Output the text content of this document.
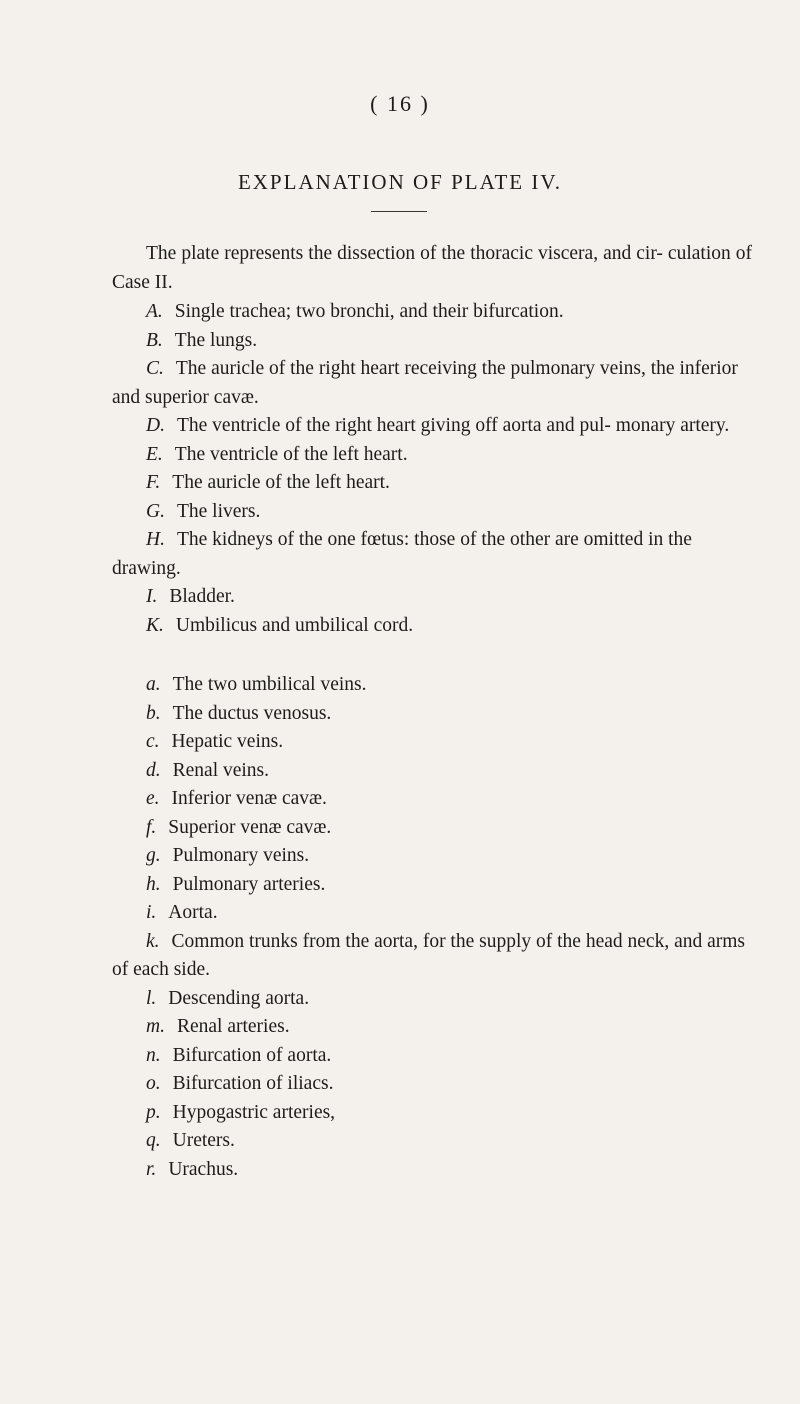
( 16 )
EXPLANATION OF PLATE IV.
The plate represents the dissection of the thoracic viscera, and cir- culation of Case II.

A. Single trachea; two bronchi, and their bifurcation.

B. The lungs.

C. The auricle of the right heart receiving the pulmonary veins, the inferior and superior cavæ.

D. The ventricle of the right heart giving off aorta and pul- monary artery.

E. The ventricle of the left heart.

F. The auricle of the left heart.

G. The livers.

H. The kidneys of the one fœtus: those of the other are omitted in the drawing.

I. Bladder.

K. Umbilicus and umbilical cord.

a. The two umbilical veins.

b. The ductus venosus.

c. Hepatic veins.

d. Renal veins.

e. Inferior venæ cavæ.

f. Superior venæ cavæ.

g. Pulmonary veins.

h. Pulmonary arteries.

i. Aorta.

k. Common trunks from the aorta, for the supply of the head neck, and arms of each side.

l. Descending aorta.

m. Renal arteries.

n. Bifurcation of aorta.

o. Bifurcation of iliacs.

p. Hypogastric arteries,

q. Ureters.

r. Urachus.
